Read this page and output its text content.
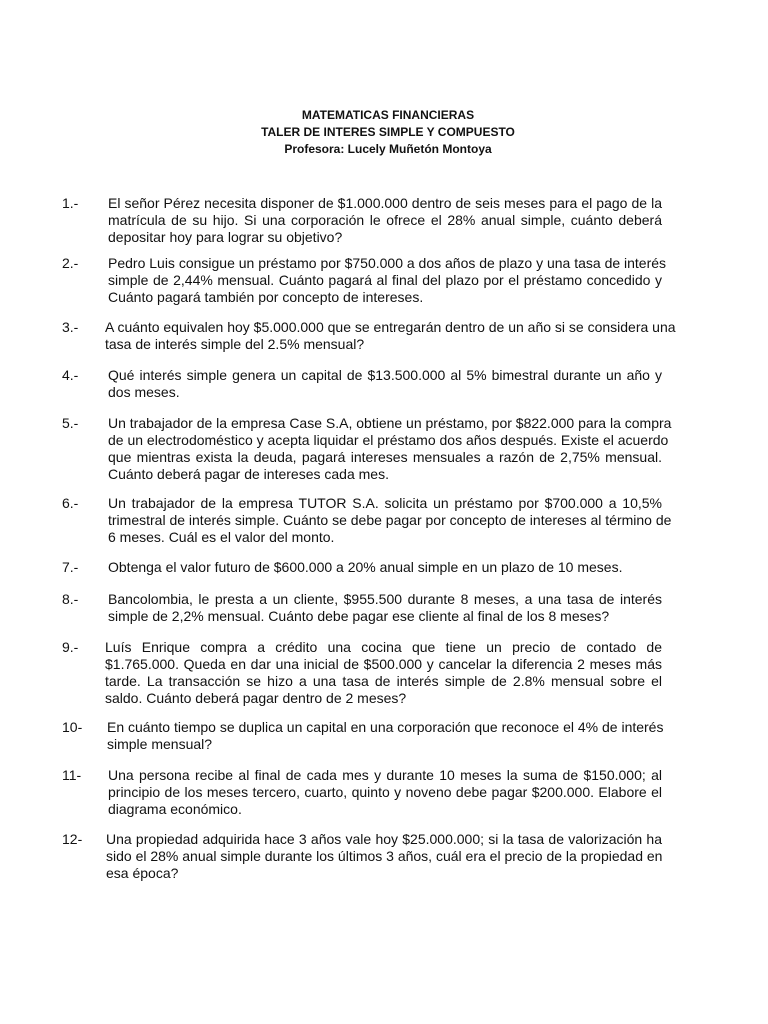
MATEMATICAS FINANCIERAS
TALER DE INTERES SIMPLE Y COMPUESTO
Profesora: Lucely Muñetón Montoya
1.- El señor Pérez necesita disponer de $1.000.000 dentro de seis meses para el pago de la
matrícula de su hijo. Si una corporación le ofrece el 28% anual simple, cuánto deberá
depositar hoy para lograr su objetivo?
2.- Pedro Luis consigue un préstamo por $750.000 a dos años de plazo y una tasa de interés
simple de 2,44% mensual. Cuánto pagará al final del plazo por el préstamo concedido y
Cuánto pagará también por concepto de intereses.
3.- A cuánto equivalen hoy $5.000.000 que se entregarán dentro de un año si se considera una
tasa de interés simple del 2.5% mensual?
4.- Qué interés simple genera un capital de $13.500.000 al 5% bimestral durante un año y
dos meses.
5.- Un trabajador de la empresa Case S.A, obtiene un préstamo, por $822.000 para la compra
de un electrodoméstico y acepta liquidar el préstamo dos años después. Existe el acuerdo
que mientras exista la deuda, pagará intereses mensuales a razón de 2,75% mensual.
Cuánto deberá pagar de intereses cada mes.
6.- Un trabajador de la empresa TUTOR S.A. solicita un préstamo por $700.000 a 10,5%
trimestral de interés simple. Cuánto se debe pagar por concepto de intereses al término de
6 meses. Cuál es el valor del monto.
7.- Obtenga el valor futuro de $600.000 a 20% anual simple en un plazo de 10 meses.
8.- Bancolombia, le presta a un cliente, $955.500 durante 8 meses, a una tasa de interés
simple de 2,2% mensual. Cuánto debe pagar ese cliente al final de los 8 meses?
9.- Luís Enrique compra a crédito una cocina que tiene un precio de contado de
$1.765.000. Queda en dar una inicial de $500.000 y cancelar la diferencia 2 meses más
tarde. La transacción se hizo a una tasa de interés simple de 2.8% mensual sobre el
saldo. Cuánto deberá pagar dentro de 2 meses?
10- En cuánto tiempo se duplica un capital en una corporación que reconoce el 4% de interés
simple mensual?
11- Una persona recibe al final de cada mes y durante 10 meses la suma de $150.000; al
principio de los meses tercero, cuarto, quinto y noveno debe pagar $200.000. Elabore el
diagrama económico.
12- Una propiedad adquirida hace 3 años vale hoy $25.000.000; si la tasa de valorización ha
sido el 28% anual simple durante los últimos 3 años, cuál era el precio de la propiedad en
esa época?
